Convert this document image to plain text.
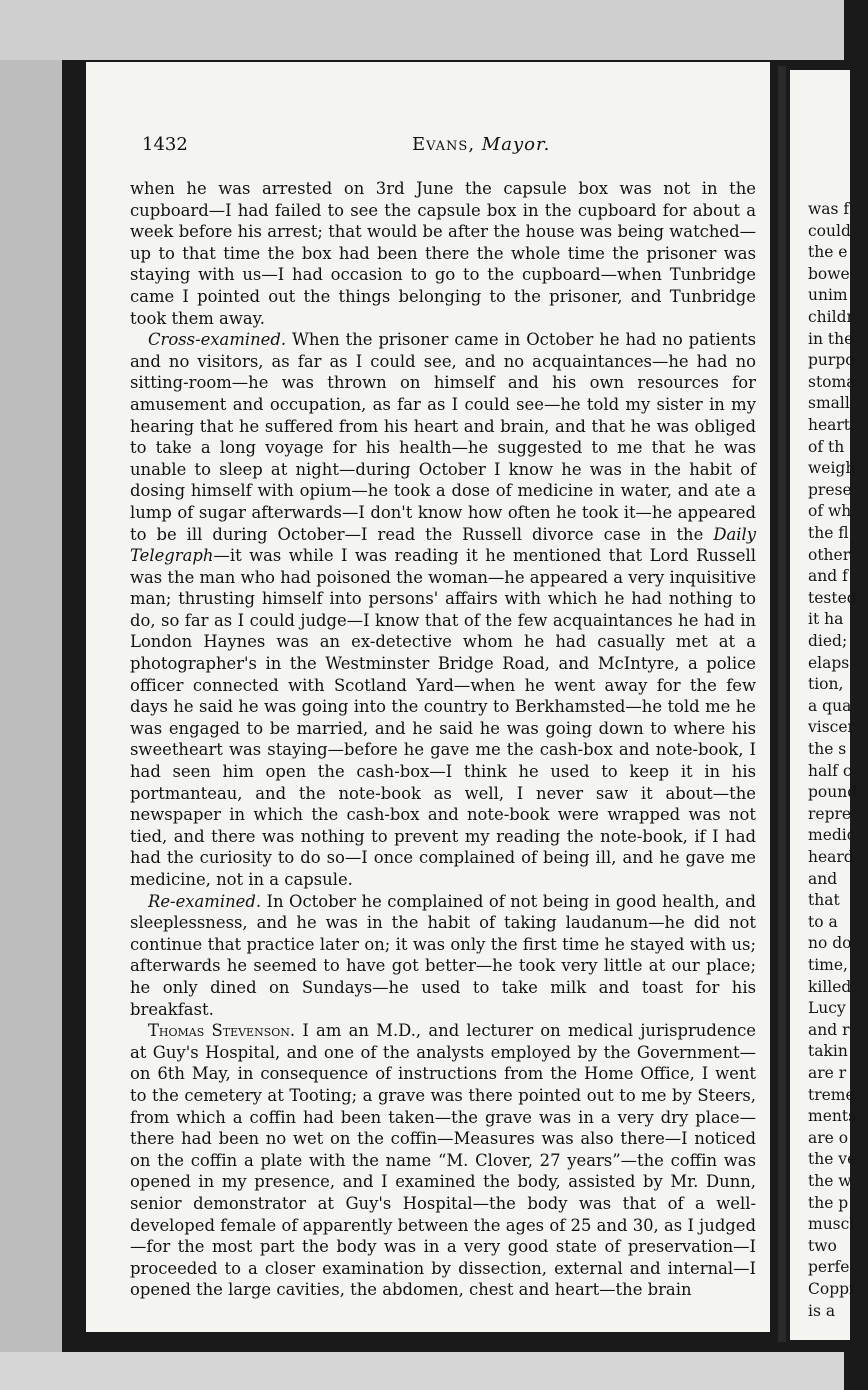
1432	Evans, Mayor.

when he was arrested on 3rd June the capsule box was not in the cupboard—I had failed to see the capsule box in the cupboard for about a week before his arrest; that would be after the house was being watched—up to that time the box had been there the whole time the prisoner was staying with us—I had occasion to go to the cupboard—when Tunbridge came I pointed out the things belonging to the prisoner, and Tunbridge took them away.

Cross-examined. When the prisoner came in October he had no patients and no visitors, as far as I could see, and no acquaintances—he had no sitting-room—he was thrown on himself and his own resources for amusement and occupation, as far as I could see—he told my sister in my hearing that he suffered from his heart and brain, and that he was obliged to take a long voyage for his health—he suggested to me that he was unable to sleep at night—during October I know he was in the habit of dosing himself with opium—he took a dose of medicine in water, and ate a lump of sugar afterwards—I don't know how often he took it—he appeared to be ill during October—I read the Russell divorce case in the Daily Telegraph—it was while I was reading it he mentioned that Lord Russell was the man who had poisoned the woman—he appeared a very inquisitive man; thrusting himself into persons' affairs with which he had nothing to do, so far as I could judge—I know that of the few acquaintances he had in London Haynes was an ex-detective whom he had casually met at a photographer's in the Westminster Bridge Road, and McIntyre, a police officer connected with Scotland Yard—when he went away for the few days he said he was going into the country to Berkhamsted—he told me he was engaged to be married, and he said he was going down to where his sweetheart was staying—before he gave me the cash-box and note-book, I had seen him open the cash-box—I think he used to keep it in his portmanteau, and the note-book as well, I never saw it about—the newspaper in which the cash-box and note-book were wrapped was not tied, and there was nothing to prevent my reading the note-book, if I had had the curiosity to do so—I once complained of being ill, and he gave me medicine, not in a capsule.

Re-examined. In October he complained of not being in good health, and sleeplessness, and he was in the habit of taking laudanum—he did not continue that practice later on; it was only the first time he stayed with us; afterwards he seemed to have got better—he took very little at our place; he only dined on Sundays—he used to take milk and toast for his breakfast.

Thomas Stevenson. I am an M.D., and lecturer on medical jurisprudence at Guy's Hospital, and one of the analysts employed by the Government—on 6th May, in consequence of instructions from the Home Office, I went to the cemetery at Tooting; a grave was there pointed out to me by Steers, from which a coffin had been taken—the grave was in a very dry place—there had been no wet on the coffin—Measures was also there—I noticed on the coffin a plate with the name “M. Clover, 27 years”—the coffin was opened in my presence, and I examined the body, assisted by Mr. Dunn, senior demonstrator at Guy's Hospital—the body was that of a well-developed female of apparently between the ages of 25 and 30, as I judged—for the most part the body was in a very good state of preservation—I proceeded to a closer examination by dissection, external and internal—I opened the large cavities, the abdomen, chest and heart—the brain

was f
could
the e
bowe
unim
childr
in the
purpo
stoma
small
heart
of th
weigh
prese
of wh
the fl
other
and f
tested
it ha
died;
elaps
tion,
a qua
viscer
the s
half c
pound
repre
medic
heard
and
that
to a
no do
time,
killed
Lucy
and r
takin
are r
treme
ments
are o
the ve
the w
the p
muscl
two
perfe
Coppi
is a
